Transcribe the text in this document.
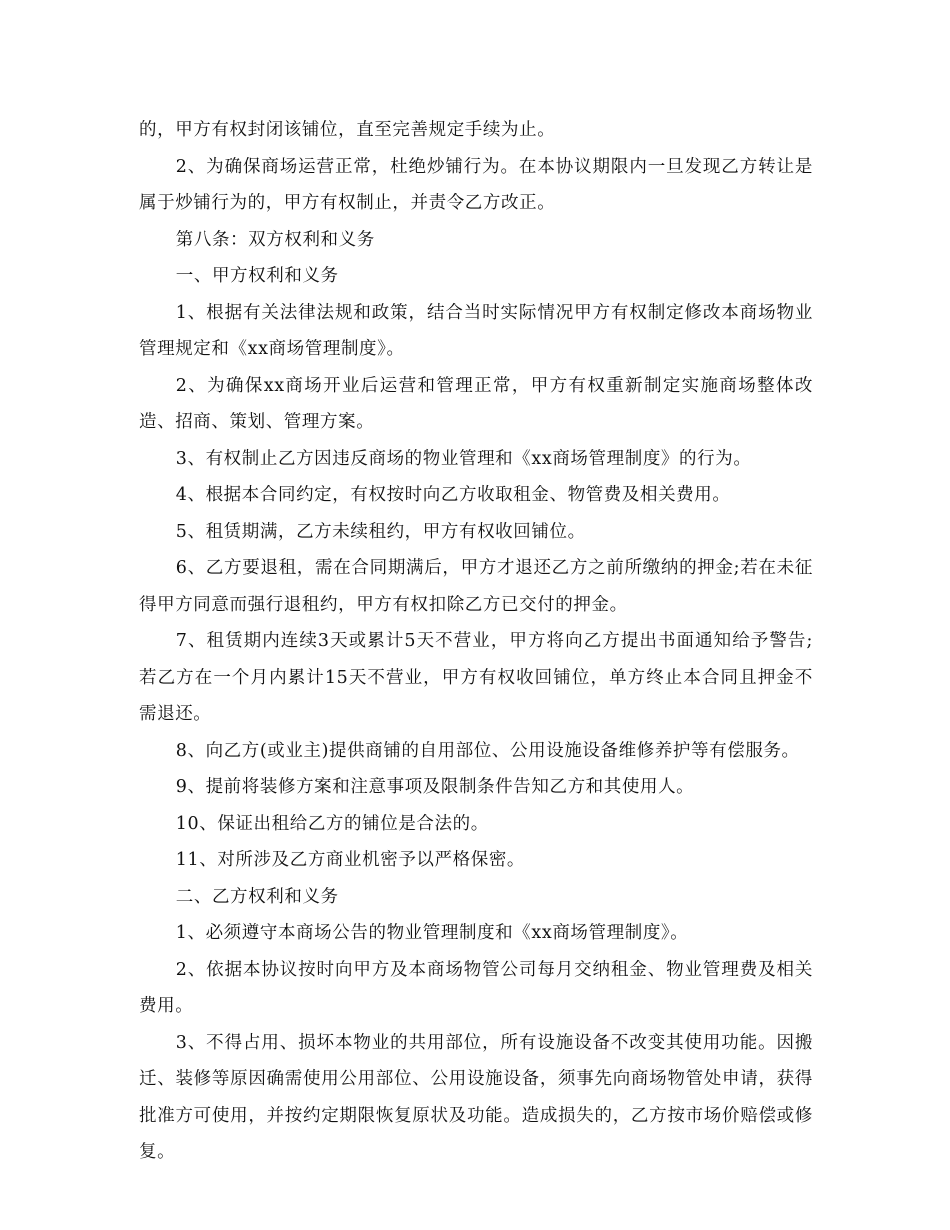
的，甲方有权封闭该铺位，直至完善规定手续为止。

2、为确保商场运营正常，杜绝炒铺行为。在本协议期限内一旦发现乙方转让是属于炒铺行为的，甲方有权制止，并责令乙方改正。

第八条：双方权利和义务

一、甲方权利和义务

1、根据有关法律法规和政策，结合当时实际情况甲方有权制定修改本商场物业管理规定和《xx商场管理制度》。

2、为确保xx商场开业后运营和管理正常，甲方有权重新制定实施商场整体改造、招商、策划、管理方案。

3、有权制止乙方因违反商场的物业管理和《xx商场管理制度》的行为。

4、根据本合同约定，有权按时向乙方收取租金、物管费及相关费用。

5、租赁期满，乙方未续租约，甲方有权收回铺位。

6、乙方要退租，需在合同期满后，甲方才退还乙方之前所缴纳的押金;若在未征得甲方同意而强行退租约，甲方有权扣除乙方已交付的押金。

7、租赁期内连续3天或累计5天不营业，甲方将向乙方提出书面通知给予警告;若乙方在一个月内累计15天不营业，甲方有权收回铺位，单方终止本合同且押金不需退还。

8、向乙方(或业主)提供商铺的自用部位、公用设施设备维修养护等有偿服务。

9、提前将装修方案和注意事项及限制条件告知乙方和其使用人。

10、保证出租给乙方的铺位是合法的。

11、对所涉及乙方商业机密予以严格保密。

二、乙方权利和义务

1、必须遵守本商场公告的物业管理制度和《xx商场管理制度》。

2、依据本协议按时向甲方及本商场物管公司每月交纳租金、物业管理费及相关费用。

3、不得占用、损坏本物业的共用部位，所有设施设备不改变其使用功能。因搬迁、装修等原因确需使用公用部位、公用设施设备，须事先向商场物管处申请，获得批准方可使用，并按约定期限恢复原状及功能。造成损失的，乙方按市场价赔偿或修复。
